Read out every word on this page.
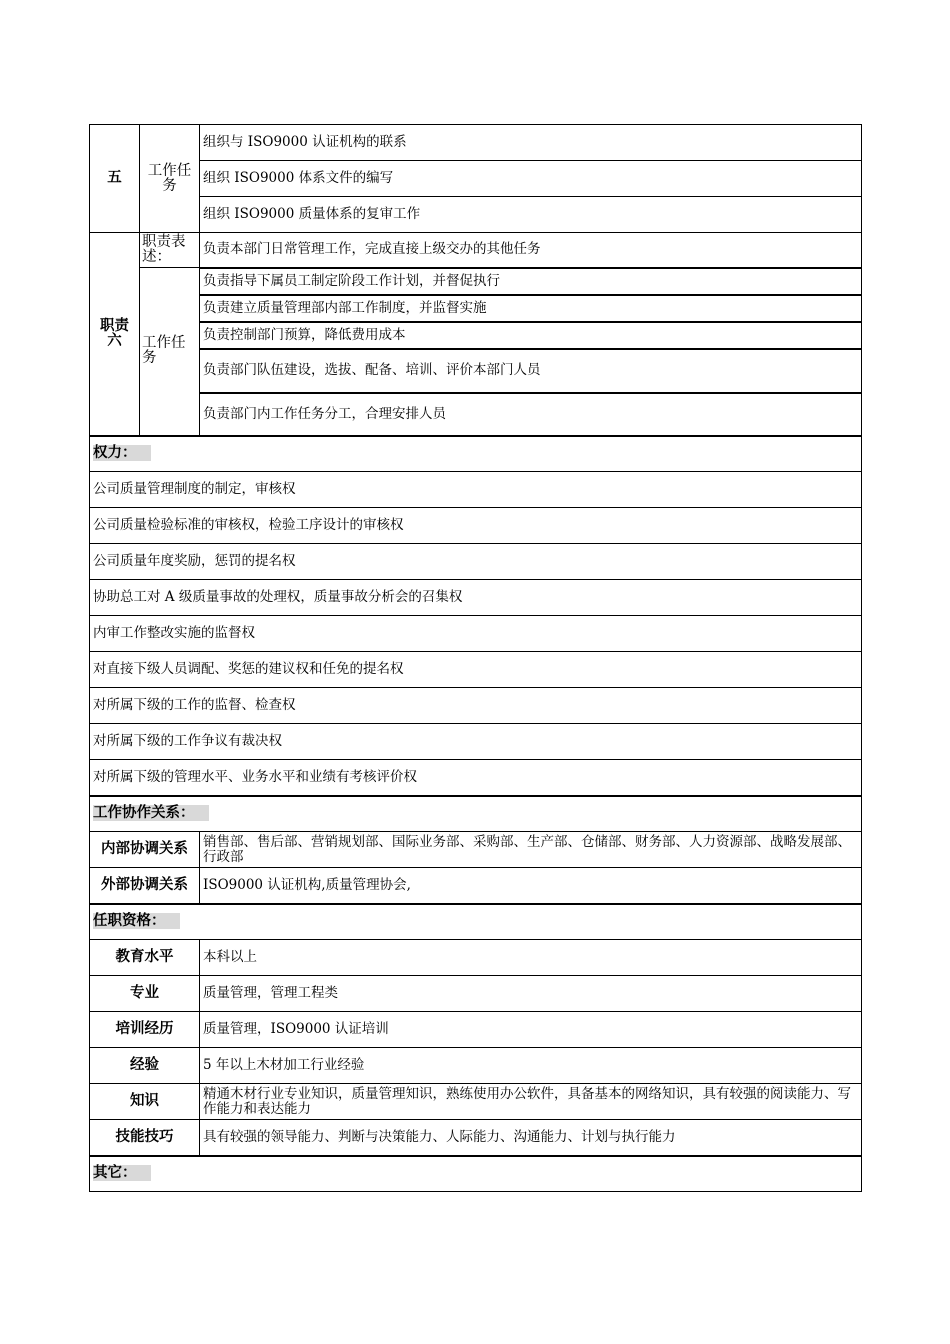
五	工作任务	组织与 ISO9000 认证机构的联系
		组织 ISO9000 体系文件的编写
		组织 ISO9000 质量体系的复审工作
职责六	职责表述：	负责本部门日常管理工作，完成直接上级交办的其他任务
	工作任务	负责指导下属员工制定阶段工作计划，并督促执行
		负责建立质量管理部内部工作制度，并监督实施
		负责控制部门预算，降低费用成本
		负责部门队伍建设，选拔、配备、培训、评价本部门人员
		负责部门内工作任务分工，合理安排人员
权力：		
公司质量管理制度的制定，审核权		
公司质量检验标准的审核权，检验工序设计的审核权		
公司质量年度奖励，惩罚的提名权		
协助总工对 A 级质量事故的处理权，质量事故分析会的召集权		
内审工作整改实施的监督权		
对直接下级人员调配、奖惩的建议权和任免的提名权		
对所属下级的工作的监督、检查权		
对所属下级的工作争议有裁决权		
对所属下级的管理水平、业务水平和业绩有考核评价权		
工作协作关系：		
内部协调关系		销售部、售后部、营销规划部、国际业务部、采购部、生产部、仓储部、财务部、人力资源部、战略发展部、行政部
外部协调关系		ISO9000 认证机构,质量管理协会,
任职资格：		
教育水平		本科以上
专业		质量管理，管理工程类
培训经历		质量管理，ISO9000 认证培训
经验		5 年以上木材加工行业经验
知识		精通木材行业专业知识，质量管理知识，熟练使用办公软件，具备基本的网络知识，具有较强的阅读能力、写作能力和表达能力
技能技巧		具有较强的领导能力、判断与决策能力、人际能力、沟通能力、计划与执行能力
其它：		
